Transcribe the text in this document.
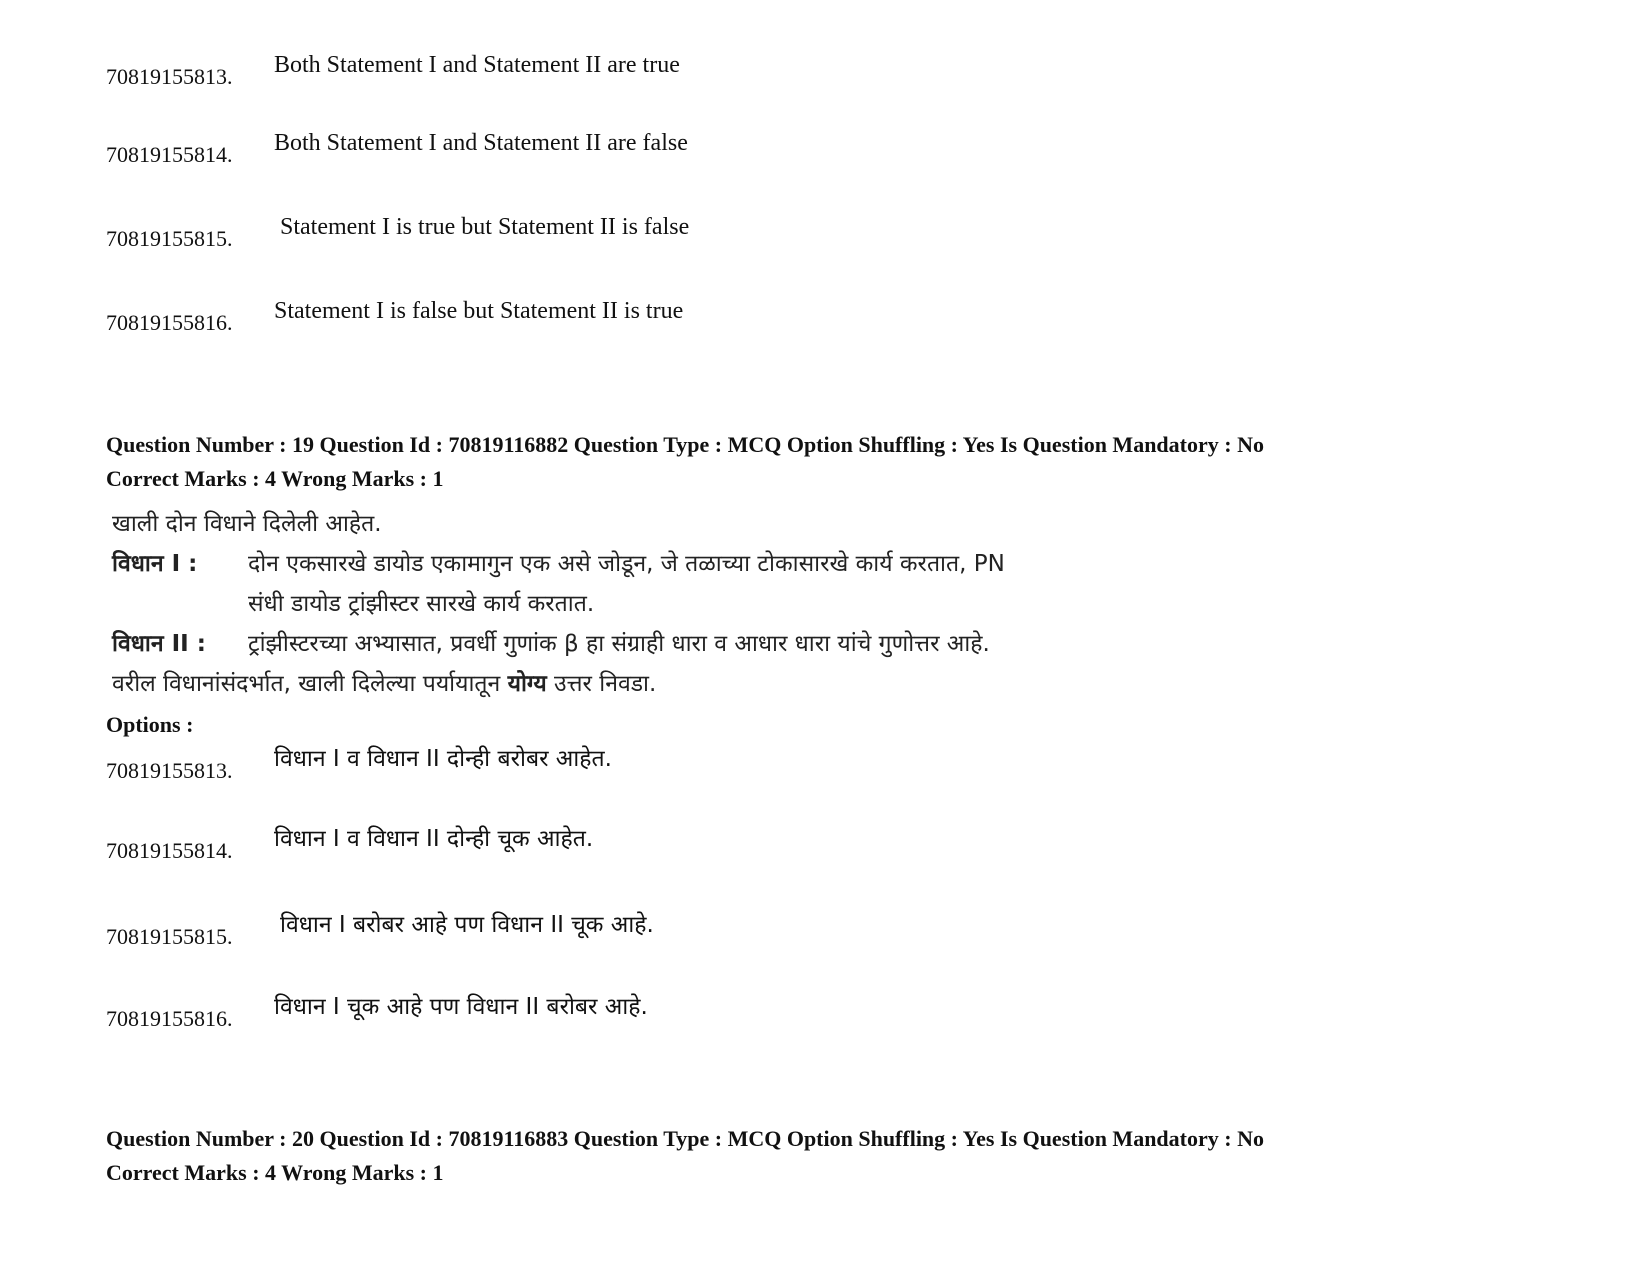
70819155813.	Both Statement I and Statement II are true
70819155814.	Both Statement I and Statement II are false
70819155815.	Statement I is true but Statement II is false
70819155816.	Statement I is false but Statement II is true
Question Number : 19 Question Id : 70819116882 Question Type : MCQ Option Shuffling : Yes Is Question Mandatory : No
Correct Marks : 4 Wrong Marks : 1
खाली दोन विधाने दिलेली आहेत.
विधान I : दोन एकसारखे डायोड एकामागुन एक असे जोडून, जे तळाच्या टोकासारखे कार्य करतात, PN
संधी डायोड ट्रांझीस्टर सारखे कार्य करतात.
विधान II : ट्रांझीस्टरच्या अभ्यासात, प्रवर्धी गुणांक β हा संग्राही धारा व आधार धारा यांचे गुणोत्तर आहे.
वरील विधानांसंदर्भात, खाली दिलेल्या पर्यायातून योग्य उत्तर निवडा.
Options :
70819155813.	विधान I व विधान II दोन्ही बरोबर आहेत.
70819155814.	विधान I व विधान II दोन्ही चूक आहेत.
70819155815.	विधान I बरोबर आहे पण विधान II चूक आहे.
70819155816.	विधान I चूक आहे पण विधान II बरोबर आहे.
Question Number : 20 Question Id : 70819116883 Question Type : MCQ Option Shuffling : Yes Is Question Mandatory : No
Correct Marks : 4 Wrong Marks : 1
